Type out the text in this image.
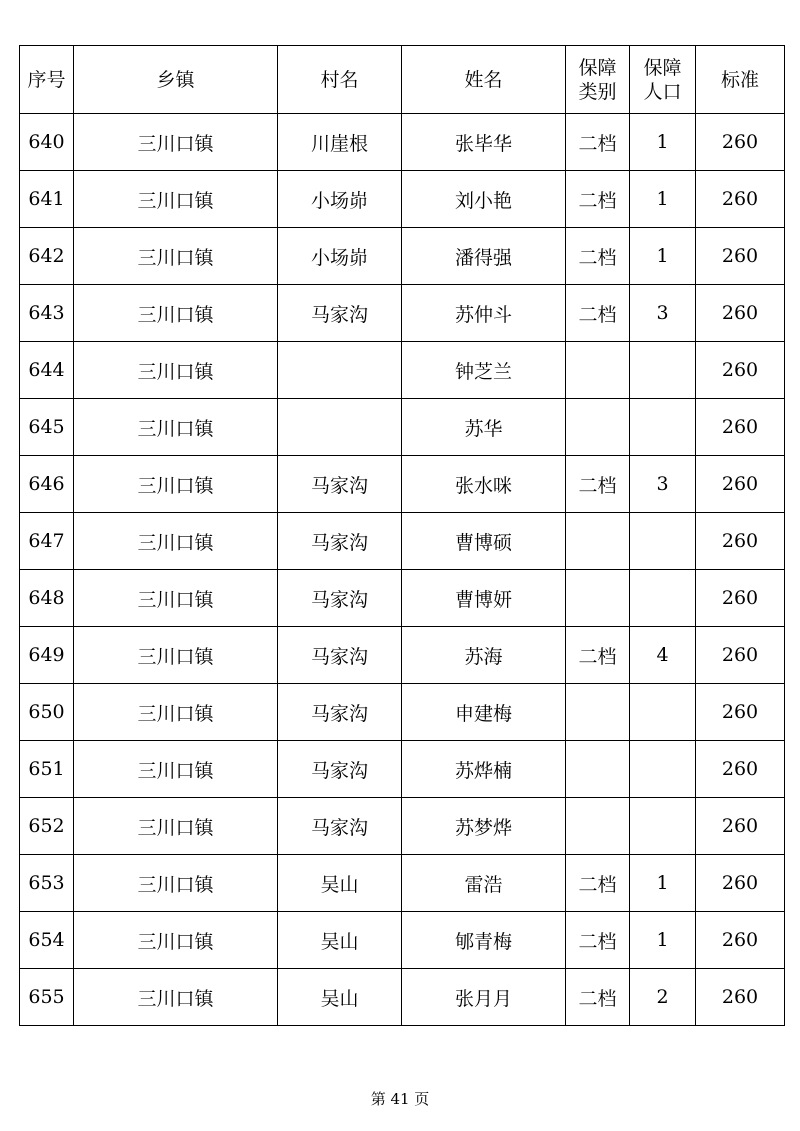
序号	乡镇	村名	姓名	保障类别	保障人口	标准
640	三川口镇	川崖根	张毕华	二档	1	260
641	三川口镇	小场峁	刘小艳	二档	1	260
642	三川口镇	小场峁	潘得强	二档	1	260
643	三川口镇	马家沟	苏仲斗	二档	3	260
644	三川口镇		钟芝兰			260
645	三川口镇		苏华			260
646	三川口镇	马家沟	张水咪	二档	3	260
647	三川口镇	马家沟	曹博硕			260
648	三川口镇	马家沟	曹博妍			260
649	三川口镇	马家沟	苏海	二档	4	260
650	三川口镇	马家沟	申建梅			260
651	三川口镇	马家沟	苏烨楠			260
652	三川口镇	马家沟	苏梦烨			260
653	三川口镇	吴山	雷浩	二档	1	260
654	三川口镇	吴山	郇青梅	二档	1	260
655	三川口镇	吴山	张月月	二档	2	260
第 41 页
